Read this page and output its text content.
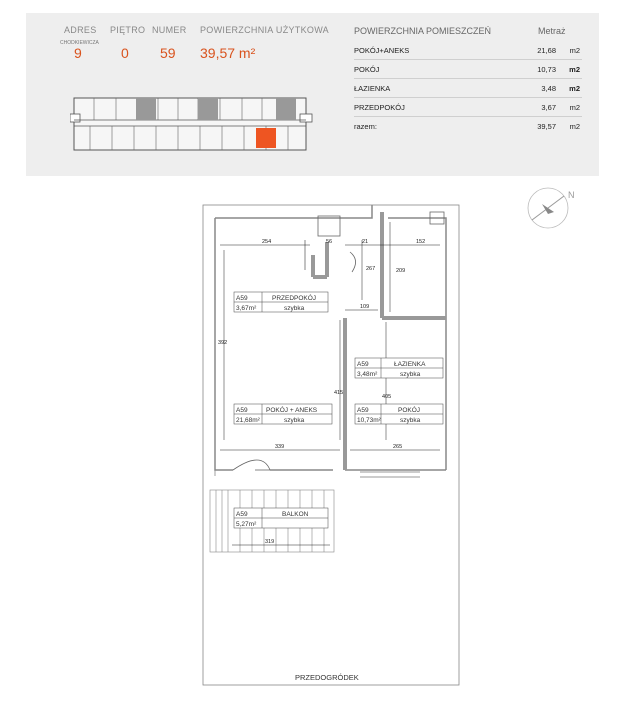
ADRES
CHODKIEWICZA
9
PIĘTRO
0
NUMER
59
POWIERZCHNIA UŻYTKOWA
39,57 m²
POWIERZCHNIA POMIESZCZEŃ	Metraż
POKÓJ+ANEKS	21,68 m2
POKÓJ	10,73 m2
ŁAZIENKA	3,48 m2
PRZEDPOKÓJ	3,67 m2
razem:	39,57 m2
254	56	21	152
209
267
109
392
415
405
339	265
319
A59	PRZEDPOKÓJ
3,67m²	szybka
A59	ŁAZIENKA
3,48m²	szybka
A59	POKÓJ + ANEKS
21,68m²	szybka
A59	POKÓJ
10,73m²	szybka
A59	BALKON
5,27m²
PRZEDOGRÓDEK
N
